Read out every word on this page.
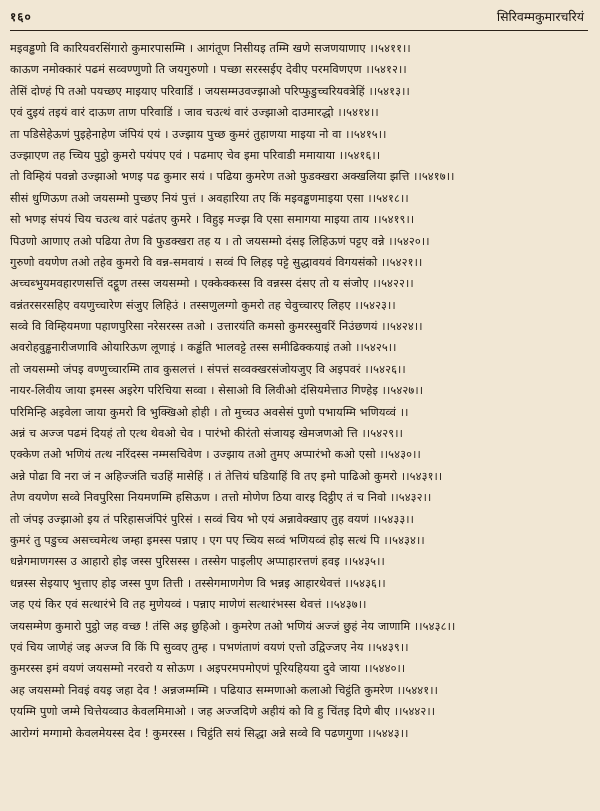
१६०	सिरिवम्मकुमारचरियं
मइवड्ढणो वि कारियवरसिंगारो कुमारपासम्मि । आगंतूण निसीयइ तम्मि खणे सजणयाणाए ।।५४११।।
काऊण नमोक्कारं पढमं सव्वण्णुणो ति जयगुरुणो । पच्छा सरस्सईए देवीए परमविणएण ।।५४१२।।
तेसिं दोण्हं पि तओ पयच्छए माइयाए परिवाडिं । जयसम्मउवज्झाओ परिप्फुडुच्चरियवत्रेहिं ।।५४१३।।
एवं दुइयं तइयं वारं दाऊण ताण परिवाडिं । जाव चउत्थं वारं उज्झाओ दाउमारद्धो ।।५४१४।।
ता पडिसेहेऊणं पुइहेनाहेण जंपियं एयं । उज्झाय पुच्छ कुमरं तुहाणया माइया नो वा ।।५४१५।।
उज्झाएण तह च्चिय पुट्ठो कुमरो पयंपए एवं । पढमाए चेव इमा परिवाडी ममायाया ।।५४१६।।
तो विम्हियं पवन्नो उज्झाओ भणइ पढ कुमार सयं । पढिया कुमरेण तओ फुडक्खरा अक्खलिया झत्ति ।।५४१७।।
सीसं धुणिऊण तओ जयसम्मो पुच्छए नियं पुत्तं । अवहारिया तए किं मइवड्ढणमाइया एसा ।।५४१८।।
सो भणइ संपयं चिय चउत्थ वारं पढंतए कुमरे । विहुइ मज्झ वि एसा समागया माइया ताय ।।५४१९।।
पिउणो आणाए तओ पढिया तेण वि फुडक्खरा तह य । तो जयसम्मो दंसइ लिहिऊणं पट्टए वन्ने ।।५४२०।।
गुरुणो वयणेण तओ तहेव कुमरो वि वन्न-समवायं । सव्वं पि लिहइ पट्टे सुद्धावयवं विगयसंको ।।५४२१।।
अच्चब्भुयमवहारणसत्तिं दट्ठूण तस्स जयसम्मो । एक्केक्कस्स वि वन्नस्स दंसए तो य संजोए ।।५४२२।।
वन्नंतरसरसहिए वयणुच्चारेण संजुए लिहिउं । तस्सणुलग्गो कुमरो तह चेवुच्चारए लिहए ।।५४२३।।
सव्वे वि विम्हियमणा पहाणपुरिसा नरेसरस्स तओ । उत्तारयंति कमसो कुमरस्सुवरिं निउंछणयं ।।५४२४।।
अवरोहवुड्ढनारीजणावि ओयारिऊण लूणाइं । कड्ढंति भालवट्टे तस्स समीढिक्कयाइं तओ ।।५४२५।।
तो जयसम्मो जंपइ वण्णुच्चारम्मि ताव कुसलत्तं । संपत्तं सव्वक्खरसंजोयजुए वि अइपवरं ।।५४२६।।
नायर-लिवीय जाया इमस्स अइरेग परिचिया सव्वा । सेसाओ वि लिवीओ दंसियमेत्ताउ गिण्हेइ ।।५४२७।।
परिमिन्हि अइवेला जाया कुमरो वि भुक्खिओ होही । तो मुच्चउ अवसेसं पुणो पभायम्मि भणियव्वं ।।
अन्नं च अज्ज पढमं दियहं तो एत्थ थेवओ चेव । पारंभो कीरंतो संजायइ खेमजणओ त्ति ।।५४२९।।
एक्केण तओ भणियं तत्थ नरिंदस्स नम्मसचिवेण । उज्झाय तओ तुमए अप्पारंभो कओ एसो ।।५४३०।।
अन्ने पोढा वि नरा जं न अहिज्जंति चउहिं मासेहिं । तं तेत्तियं घडियाहिं वि तए इमो पाढिओ कुमरो ।।५४३१।।
तेण वयणेण सव्वे निवपुरिसा नियमणम्मि हसिऊण । तत्तो मोणेण ठिया वारइ दिट्ठीए तं च निवो ।।५४३२।।
तो जंपइ उज्झाओ इय तं परिहासजंपिरं पुरिसं । सव्वं चिय भो एयं अन्नावेक्खाए तुह वयणं ।।५४३३।।
कुमरं तु पडुच्च असच्चमेत्थ जम्हा इमस्स पन्नाए । एग पए च्चिय सव्वं भणियव्वं होइ सत्थं पि ।।५४३४।।
धन्नेगमाणगस्स उ आहारो होइ जस्स पुरिसस्स । तस्सेग पाइलीए अप्पाहारत्तणं हवइ ।।५४३५।।
धन्नस्स सेइयाए भुत्ताए होइ जस्स पुण तित्ती । तस्सेगमाणगेण वि भन्नइ आहारथेवत्तं ।।५४३६।।
जह एयं किर एवं सत्थारंभे वि तह मुणेयव्वं । पन्नाए माणेणं सत्थारंभस्स थेवत्तं ।।५४३७।।
जयसम्मेण कुमारो पुट्ठो जह वच्छ ! तंसि अइ छुहिओ । कुमरेण तओ भणियं अज्जं छुहं नेय जाणामि ।।५४३८।।
एवं चिय जाणेहं जइ अज्ज वि किं पि सुव्वए तुम्ह । पभणंताणं वयणं एत्तो उद्विज्जए नेय ।।५४३९।।
कुमरस्स इमं वयणं जयसम्मो नरवरो य सोऊण । अइपरमपमोएणं पूरियहियया दुवे जाया ।।५४४०।।
अह जयसम्मो निवइं वयइ जहा देव ! अन्नजम्मम्मि । पढियाउ सम्मणाओ कलाओ चिट्ठंति कुमरेण ।।५४४१।।
एयम्मि पुणो जम्मे चित्तेयव्वाउ केवलमिमाओ । जह अज्जदिणे अहीयं को वि हु चिंतइ दिणे बीए ।।५४४२।।
आरोग्गं मग्गामो केवलमेयस्स देव ! कुमरस्स । चिट्ठंति सयं सिद्धा अन्ने सव्वे वि पढणगुणा ।।५४४३।।
